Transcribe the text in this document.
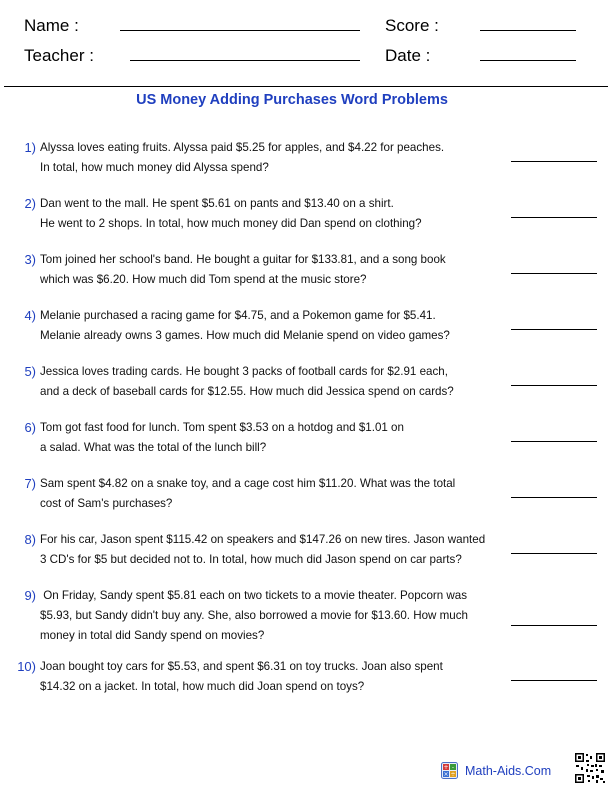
Name :
Teacher :
Score :
Date :
US Money Adding Purchases Word Problems
1) Alyssa loves eating fruits. Alyssa paid $5.25 for apples, and $4.22 for peaches.
In total, how much money did Alyssa spend?
2) Dan went to the mall. He spent $5.61 on pants and $13.40 on a shirt.
He went to 2 shops. In total, how much money did Dan spend on clothing?
3) Tom joined her school's band. He bought a guitar for $133.81, and a song book
which was $6.20. How much did Tom spend at the music store?
4) Melanie purchased a racing game for $4.75, and a Pokemon game for $5.41.
Melanie already owns 3 games. How much did Melanie spend on video games?
5) Jessica loves trading cards. He bought 3 packs of football cards for $2.91 each,
and a deck of baseball cards for $12.55. How much did Jessica spend on cards?
6) Tom got fast food for lunch. Tom spent $3.53 on a hotdog and $1.01 on
a salad. What was the total of the lunch bill?
7) Sam spent $4.82 on a snake toy, and a cage cost him $11.20. What was the total
cost of Sam's purchases?
8) For his car, Jason spent $115.42 on speakers and $147.26 on new tires. Jason wanted
3 CD's for $5 but decided not to. In total, how much did Jason spend on car parts?
9) On Friday, Sandy spent $5.81 each on two tickets to a movie theater. Popcorn was
$5.93, but Sandy didn't buy any. She, also borrowed a movie for $13.60. How much
money in total did Sandy spend on movies?
10) Joan bought toy cars for $5.53, and spent $6.31 on toy trucks. Joan also spent
$14.32 on a jacket. In total, how much did Joan spend on toys?
+ -
× ÷ Math-Aids.Com
